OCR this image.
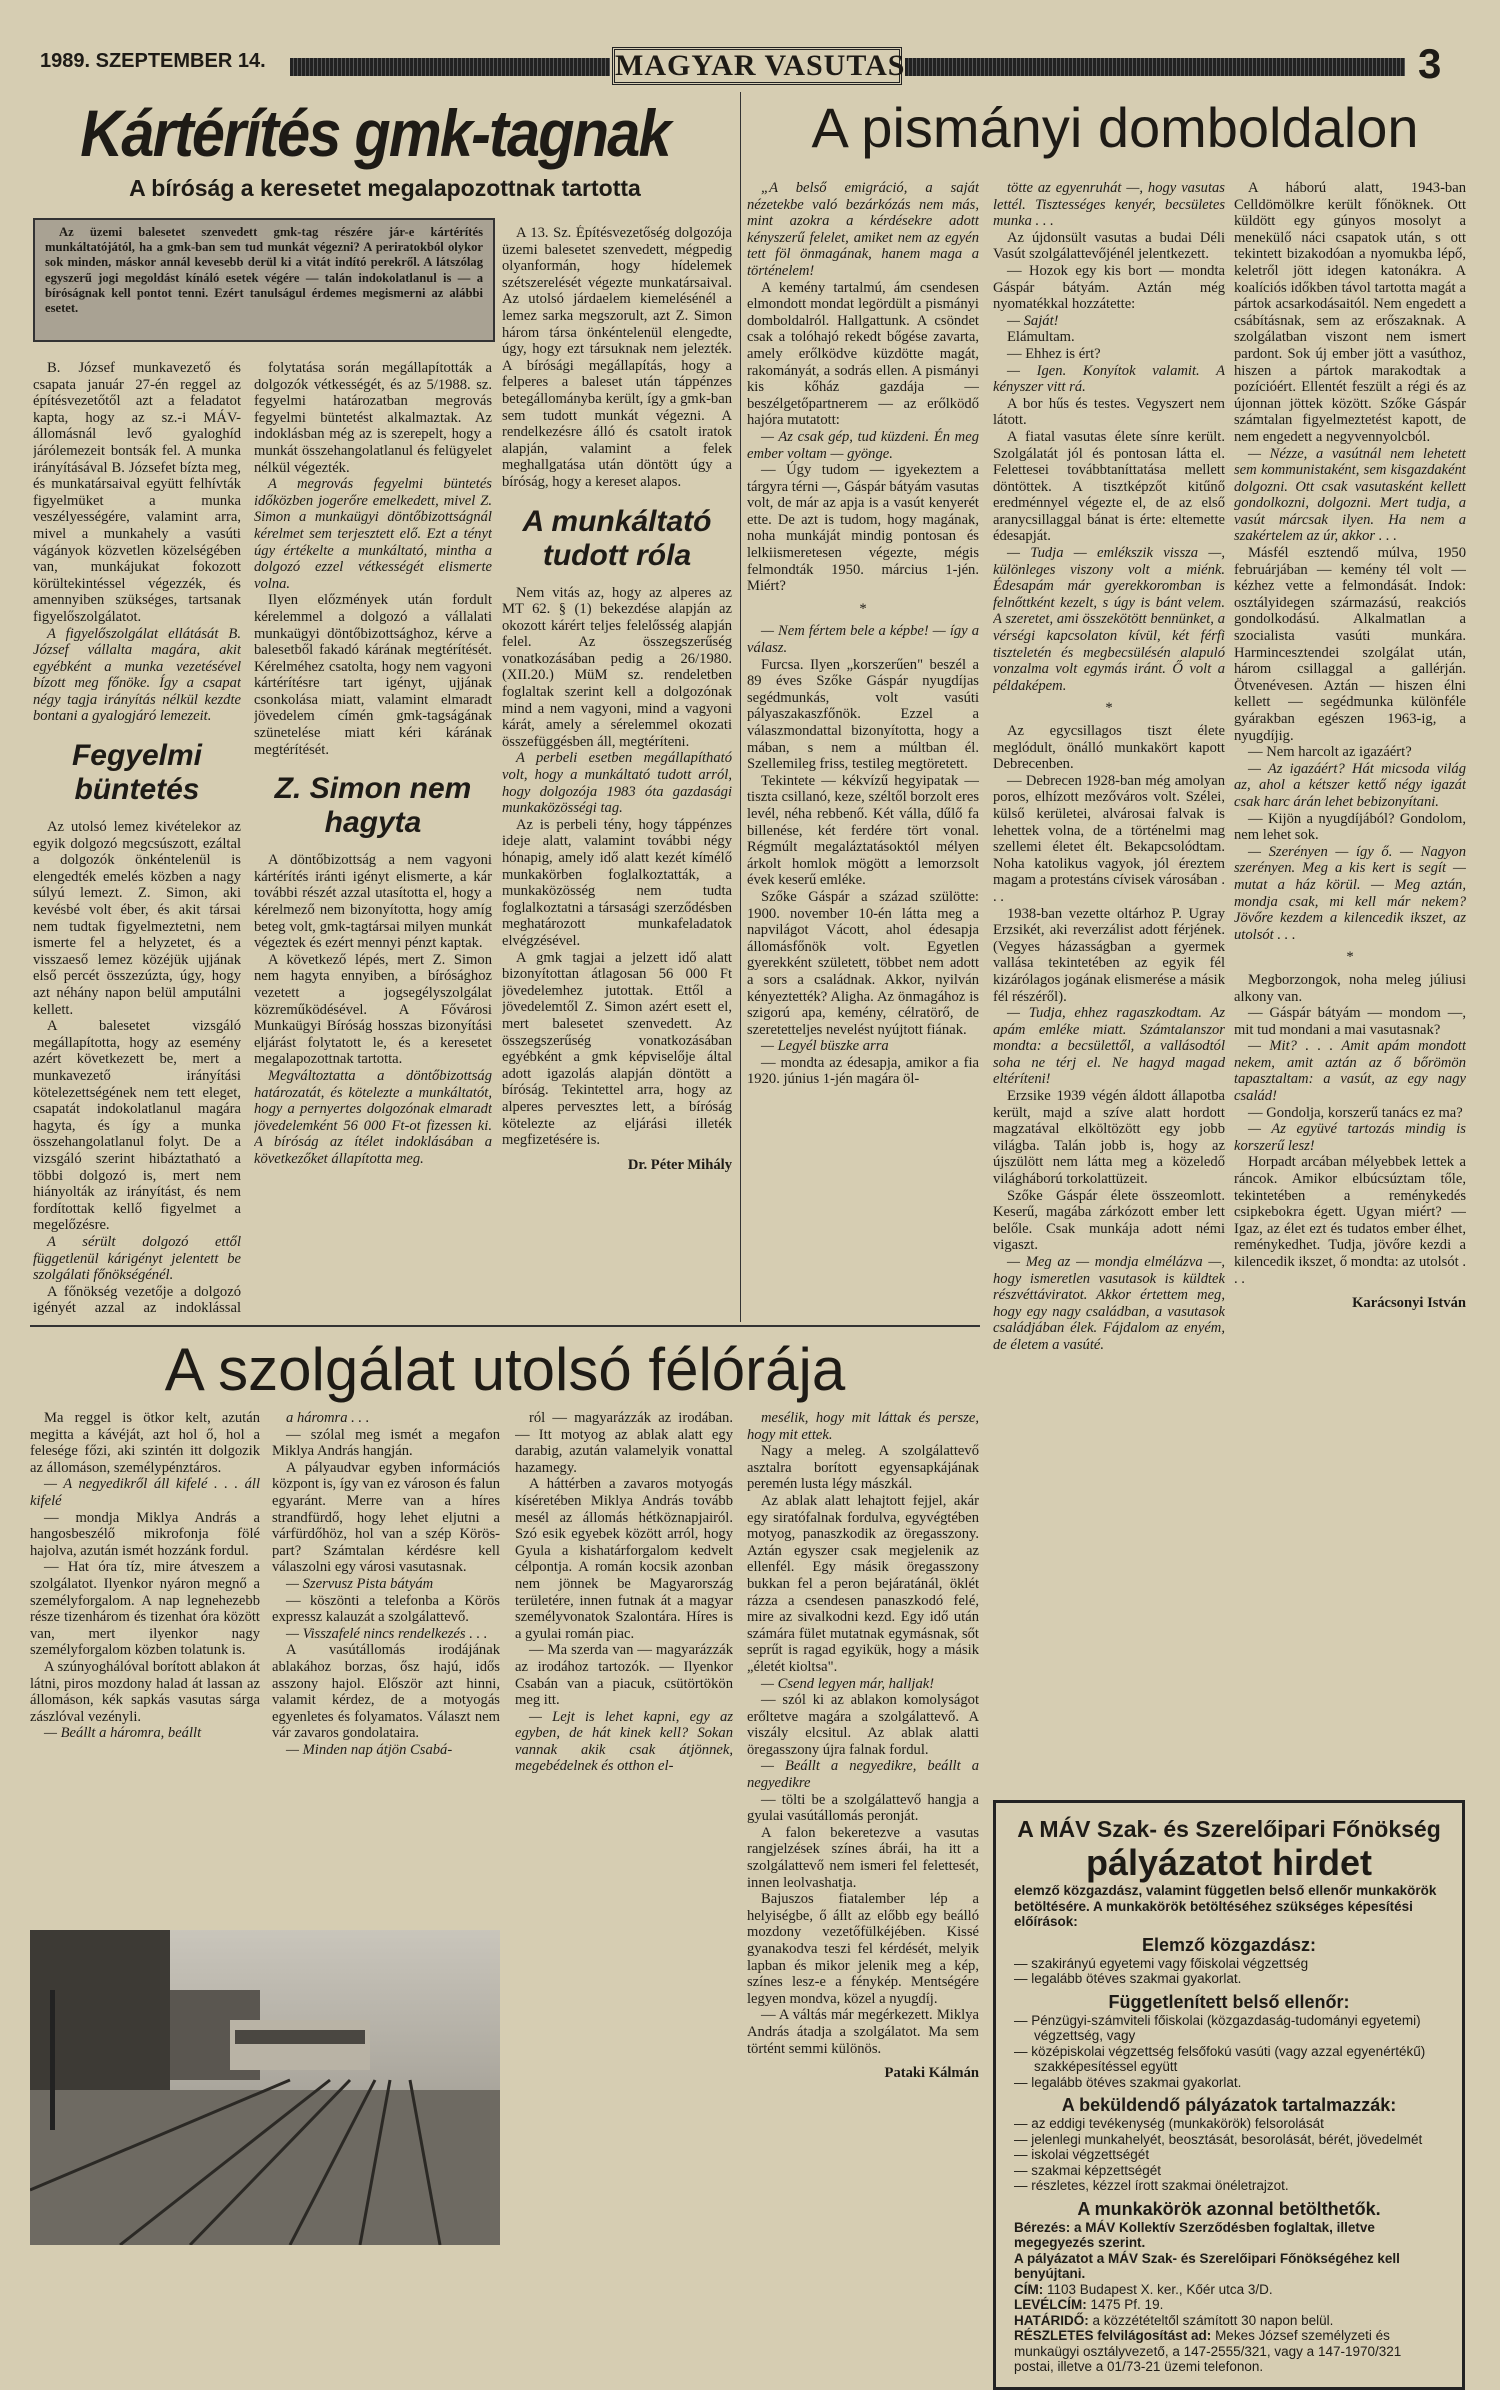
1989. SZEPTEMBER 14.	MAGYAR VASUTAS	3
Kártérítés gmk-tagnak
A bíróság a keresetet megalapozottnak tartotta
Az üzemi balesetet szenvedett gmk-tag részére jár-e kártérítés munkáltatójától, ha a gmk-ban sem tud munkát végezni? A periratokból olykor sok minden, máskor annál kevesebb derül ki a vitát indító perekről. A látszólag egyszerű jogi megoldást kínáló esetek végére — talán indokolatlanul is — a bíróságnak kell pontot tenni. Ezért tanulságul érdemes megismerni az alábbi esetet.

B. József munkavezető és csapata január 27-én reggel az építésvezetőtől azt a feladatot kapta, hogy az sz.-i MÁV-állomásnál levő gyaloghíd járólemezeit bontsák fel. A munka irányításával B. Józsefet bízta meg, és munkatársaival együtt felhívták figyelmüket a munka veszélyességére, valamint arra, mivel a munkahely a vasúti vágányok közvetlen közelségében van, munkájukat fokozott körültekintéssel végezzék, és amennyiben szükséges, tartsanak figyelőszolgálatot.

A figyelőszolgálat ellátását B. József vállalta magára, akit egyébként a munka vezetésével bízott meg főnöke. Így a csapat négy tagja irányítás nélkül kezdte bontani a gyalogjáró lemezeit.

Fegyelmi büntetés

Az utolsó lemez kivételekor az egyik dolgozó megcsúszott, ezáltal a dolgozók önkéntelenül is elengedték emelés közben a nagy súlyú lemezt. Z. Simon, aki kevésbé volt éber, és akit társai nem tudtak figyelmeztetni, nem ismerte fel a helyzetet, és a visszaeső lemez közéjük ujjának első percét összezúzta, úgy, hogy azt néhány napon belül amputálni kellett.

A balesetet vizsgáló megállapította, hogy az esemény azért következett be, mert a munkavezető irányítási kötelezettségének nem tett eleget, csapatát indokolatlanul magára hagyta, és így a munka összehangolatlanul folyt. De a vizsgáló szerint hibáztatható a többi dolgozó is, mert nem hiányolták az irányítást, és nem fordítottak kellő figyelmet a megelőzésre.

A sérült dolgozó ettől függetlenül kárigényt jelentett be szolgálati főnökségénél.

A főnökség vezetője a dolgozó igényét azzal az indoklással

folytatása során megállapították a dolgozók vétkességét, és az 5/1988. sz. fegyelmi határozatban megrovás fegyelmi büntetést alkalmaztak. Az indoklásban még az is szerepelt, hogy a munkát összehangolatlanul és felügyelet nélkül végezték.

A megrovás fegyelmi büntetés időközben jogerőre emelkedett, mivel Z. Simon a munkaügyi döntőbizottságnál kérelmet sem terjesztett elő. Ezt a tényt úgy értékelte a munkáltató, mintha a dolgozó ezzel vétkességét elismerte volna.

Ilyen előzmények után fordult kérelemmel a dolgozó a vállalati munkaügyi döntőbizottsághoz, kérve a balesetből fakadó kárának megtérítését. Kérelméhez csatolta, hogy nem vagyoni kártérítésre tart igényt, ujjának csonkolása miatt, valamint elmaradt jövedelem címén gmk-tagságának szünetelése miatt kéri kárának megtérítését.

Z. Simon nem hagyta

A döntőbizottság a nem vagyoni kártérítés iránti igényt elismerte, a kár további részét azzal utasította el, hogy a kérelmező nem bizonyította, hogy amíg beteg volt, gmk-tagtársai milyen munkát végeztek és ezért mennyi pénzt kaptak.

A következő lépés, mert Z. Simon nem hagyta ennyiben, a bírósághoz vezetett a jogsegélyszolgálat közreműködésével. A Fővárosi Munkaügyi Bíróság hosszas bizonyítási eljárást folytatott le, és a keresetet megalapozottnak tartotta.

Megváltoztatta a döntőbizottság határozatát, és kötelezte a munkáltatót, hogy a pernyertes dolgozónak elmaradt jövedelemként 56 000 Ft-ot fizessen ki. A bíróság az ítélet indoklásában a következőket állapította meg.

A 13. Sz. Építésvezetőség dolgozója üzemi balesetet szenvedett, mégpedig olyanformán, hogy hídelemek szétszerelését végezte munkatársaival. Az utolsó járdaelem kiemelésénél a lemez sarka megszorult, azt Z. Simon három társa önkéntelenül elengedte, úgy, hogy ezt társuknak nem jelezték. A bírósági megállapítás, hogy a felperes a baleset után táppénzes betegállományba került, így a gmk-ban sem tudott munkát végezni. A rendelkezésre álló és csatolt iratok alapján, valamint a felek meghallgatása után döntött úgy a bíróság, hogy a kereset alapos.

A munkáltató tudott róla

Nem vitás az, hogy az alperes az MT 62. § (1) bekezdése alapján az okozott kárért teljes felelősség alapján felel. Az összegszerűség vonatkozásában pedig a 26/1980. (XII.20.) MüM sz. rendeletben foglaltak szerint kell a dolgozónak mind a nem vagyoni, mind a vagyoni kárát, amely a sérelemmel okozati összefüggésben áll, megtéríteni.

A perbeli esetben megállapítható volt, hogy a munkáltató tudott arról, hogy dolgozója 1983 óta gazdasági munkaközösségi tag.

Az is perbeli tény, hogy táppénzes ideje alatt, valamint további négy hónapig, amely idő alatt kezét kímélő munkakörben foglalkoztatták, a munkaközösség nem tudta foglalkoztatni a társasági szerződésben meghatározott munkafeladatok elvégzésével.

A gmk tagjai a jelzett idő alatt bizonyítottan átlagosan 56 000 Ft jövedelemhez jutottak. Ettől a jövedelemtől Z. Simon azért esett el, mert balesetet szenvedett. Az összegszerűség vonatkozásában egyébként a gmk képviselője által adott igazolás alapján döntött a bíróság. Tekintettel arra, hogy az alperes pervesztes lett, a bíróság kötelezte az eljárási illeték megfizetésére is.

Dr. Péter Mihály

A pismányi domboldalon

„A belső emigráció, a saját nézetekbe való bezárkózás nem más, mint azokra a kérdésekre adott kényszerű felelet, amiket nem az egyén tett föl önmagának, hanem maga a történelem!

A kemény tartalmú, ám csendesen elmondott mondat legördült a pismányi domboldalról. Hallgattunk. A csöndet csak a tolóhajó rekedt bőgése zavarta, amely erőlködve küzdötte magát, rakományát, a sodrás ellen. A pismányi kis kőház gazdája — beszélgetőpartnerem — az erőlködő hajóra mutatott:

— Az csak gép, tud küzdeni. Én meg ember voltam — gyönge.

— Úgy tudom — igyekeztem a tárgyra térni —, Gáspár bátyám vasutas volt, de már az apja is a vasút kenyerét ette. De azt is tudom, hogy magának, noha munkáját mindig pontosan és lelkiismeretesen végezte, mégis felmondták 1950. március 1-jén. Miért?

*

— Nem fértem bele a képbe! — így a válasz.

Furcsa. Ilyen „korszerűen" beszél a 89 éves Szőke Gáspár nyugdíjas segédmunkás, volt vasúti pályaszakaszfőnök. Ezzel a válaszmondattal bizonyította, hogy a mában, s nem a múltban él. Szellemileg friss, testileg megtöretett.

Tekintete — kékvízű hegyipatak — tiszta csillanó, keze, széltől borzolt eres levél, néha rebbenő. Két válla, dűlő fa billenése, két ferdére tört vonal. Régmúlt megaláztatásoktól mélyen árkolt homlok mögött a lemorzsolt évek keserű emléke.

Szőke Gáspár a század szülötte: 1900. november 10-én látta meg a napvilágot Vácott, ahol édesapja állomásfőnök volt. Egyetlen gyerekként született, többet nem adott a sors a családnak. Akkor, nyilván kényeztették? Aligha. Az önmagához is szigorú apa, kemény, célratörő, de szeretetteljes nevelést nyújtott fiának.

— Legyél büszke arra

— mondta az édesapja, amikor a fia 1920. június 1-jén magára öl-

tötte az egyenruhát —, hogy vasutas lettél. Tisztességes kenyér, becsületes munka . . .

Az újdonsült vasutas a budai Déli Vasút szolgálattevőjénél jelentkezett.

— Hozok egy kis bort — mondta Gáspár bátyám. Aztán még nyomatékkal hozzátette:

— Saját!

Elámultam.

— Ehhez is ért?

— Igen. Konyítok valamit. A kényszer vitt rá.

A bor hűs és testes. Vegyszert nem látott.

A fiatal vasutas élete sínre került. Szolgálatát jól és pontosan látta el. Felettesei továbbtaníttatása mellett döntöttek. A tisztképzőt kitűnő eredménnyel végezte el, de az első aranycsillaggal bánat is érte: eltemette édesapját.

— Tudja — emlékszik vissza —, különleges viszony volt a miénk. Édesapám már gyerekkoromban is felnőttként kezelt, s úgy is bánt velem. A szeretet, ami összekötött bennünket, a vérségi kapcsolaton kívül, két férfi tiszteletén és megbecsülésén alapuló vonzalma volt egymás iránt. Ő volt a példaképem.

*

Az egycsillagos tiszt élete meglódult, önálló munkakört kapott Debrecenben.

— Debrecen 1928-ban még amolyan poros, elhízott mezőváros volt. Szélei, külső kerületei, alvárosai falvak is lehettek volna, de a történelmi mag szellemi életet élt. Bekapcsolódtam. Noha katolikus vagyok, jól éreztem magam a protestáns cívisek városában . . .

1938-ban vezette oltárhoz P. Ugray Erzsikét, aki reverzálist adott férjének. (Vegyes házasságban a gyermek vallása tekintetében az egyik fél kizárólagos jogának elismerése a másik fél részéről).

— Tudja, ehhez ragaszkodtam. Az apám emléke miatt. Számtalanszor mondta: a becsülettől, a vallásodtól soha ne térj el. Ne hagyd magad eltéríteni!

Erzsike 1939 végén áldott állapotba került, majd a szíve alatt hordott magzatával elköltözött egy jobb világba. Talán jobb is, hogy az újszülött nem látta meg a közeledő világháború torkolattüzeit.

Szőke Gáspár élete összeomlott. Keserű, magába zárkózott ember lett belőle. Csak munkája adott némi vigaszt.

— Meg az — mondja elmélázva —, hogy ismeretlen vasutasok is küldtek részvéttáviratot. Akkor értettem meg, hogy egy nagy családban, a vasutasok családjában élek. Fájdalom az enyém, de életem a vasúté.

A háború alatt, 1943-ban Celldömölkre került főnöknek. Ott küldött egy gúnyos mosolyt a menekülő náci csapatok után, s ott tekintett bizakodóan a nyomukba lépő, keletről jött idegen katonákra. A koalíciós időkben távol tartotta magát a pártok acsarkodásaitól. Nem engedett a csábításnak, sem az erőszaknak. A szolgálatban viszont nem ismert pardont. Sok új ember jött a vasúthoz, hiszen a pártok marakodtak a pozícióért. Ellentét feszült a régi és az újonnan jöttek között. Szőke Gáspár számtalan figyelmeztetést kapott, de nem engedett a negyvennyolcból.

— Nézze, a vasútnál nem lehetett sem kommunistaként, sem kisgazdaként dolgozni. Ott csak vasutasként kellett gondolkozni, dolgozni. Mert tudja, a vasút márcsak ilyen. Ha nem a szakértelem az úr, akkor . . .

Másfél esztendő múlva, 1950 februárjában — kemény tél volt — kézhez vette a felmondását. Indok: osztályidegen származású, reakciós gondolkodású. Alkalmatlan a szocialista vasúti munkára. Harmincesztendei szolgálat után, három csillaggal a gallérján. Ötvenévesen. Aztán — hiszen élni kellett — segédmunka különféle gyárakban egészen 1963-ig, a nyugdíjig.

— Nem harcolt az igazáért?

— Az igazáért? Hát micsoda világ az, ahol a kétszer kettő négy igazát csak harc árán lehet bebizonyítani.

— Kijön a nyugdíjából? Gondolom, nem lehet sok.

— Szerényen — így ő. — Nagyon szerényen. Meg a kis kert is segít — mutat a ház körül. — Meg aztán, mondja csak, mi kell már nekem? Jövőre kezdem a kilencedik ikszet, az utolsót . . .

*

Megborzongok, noha meleg júliusi alkony van.

— Gáspár bátyám — mondom —, mit tud mondani a mai vasutasnak?

— Mit? . . . Amit apám mondott nekem, amit aztán az ő bőrömön tapasztaltam: a vasút, az egy nagy család!

— Gondolja, korszerű tanács ez ma?

— Az együvé tartozás mindig is korszerű lesz!

Horpadt arcában mélyebbek lettek a ráncok. Amikor elbúcsúztam tőle, tekintetében a reménykedés csipkebokra égett. Ugyan miért? — Igaz, az élet ezt és tudatos ember élhet, reménykedhet. Tudja, jövőre kezdi a kilencedik ikszet, ő mondta: az utolsót . . .

Karácsonyi István

A szolgálat utolsó félórája

Ma reggel is ötkor kelt, azután megitta a kávéját, azt hol ő, hol a felesége főzi, aki szintén itt dolgozik az állomáson, személypénztáros.

— A negyedikről áll kifelé . . . áll kifelé

— mondja Miklya András a hangosbeszélő mikrofonja fölé hajolva, azután ismét hozzánk fordul.

— Hat óra tíz, mire átveszem a szolgálatot. Ilyenkor nyáron megnő a személyforgalom. A nap legnehezebb része tizenhárom és tizenhat óra között van, mert ilyenkor nagy személyforgalom közben tolatunk is.

A szúnyoghálóval borított ablakon át látni, piros mozdony halad át lassan az állomáson, kék sapkás vasutas sárga zászlóval vezényli.

— Beállt a háromra, beállt

a háromra . . .

— szólal meg ismét a megafon Miklya András hangján.

A pályaudvar egyben információs központ is, így van ez városon és falun egyaránt. Merre van a híres strandfürdő, hogy lehet eljutni a várfürdőhöz, hol van a szép Körös-part? Számtalan kérdésre kell válaszolni egy városi vasutasnak.

— Szervusz Pista bátyám

— köszönti a telefonba a Körös expressz kalauzát a szolgálattevő.

— Visszafelé nincs rendelkezés . . .

A vasútállomás irodájának ablakához borzas, ősz hajú, idős asszony hajol. Először azt hinni, valamit kérdez, de a motyogás egyenletes és folyamatos. Választ nem vár zavaros gondolataira.

— Minden nap átjön Csabá-

ról — magyarázzák az irodában. — Itt motyog az ablak alatt egy darabig, azután valamelyik vonattal hazamegy.

A háttérben a zavaros motyogás kíséretében Miklya András tovább mesél az állomás hétköznapjairól. Szó esik egyebek között arról, hogy Gyula a kishatárforgalom kedvelt célpontja. A román kocsik azonban nem jönnek be Magyarország területére, innen futnak át a magyar személyvonatok Szalontára. Híres is a gyulai román piac.

— Ma szerda van — magyarázzák az irodához tartozók. — Ilyenkor Csabán van a piacuk, csütörtökön meg itt.

— Lejt is lehet kapni, egy az egyben, de hát kinek kell? Sokan vannak akik csak átjönnek, megebédelnek és otthon el-

mesélik, hogy mit láttak és persze, hogy mit ettek.

Nagy a meleg. A szolgálattevő asztalra borított egyensapkájának peremén lusta légy mászkál.

Az ablak alatt lehajtott fejjel, akár egy siratófalnak fordulva, egyvégtében motyog, panaszkodik az öregasszony. Aztán egyszer csak megjelenik az ellenfél. Egy másik öregasszony bukkan fel a peron bejáratánál, öklét rázza a csendesen panaszkodó felé, mire az sivalkodni kezd. Egy idő után számára fület mutatnak egymásnak, sőt seprűt is ragad egyikük, hogy a másik „életét kioltsa".

— Csend legyen már, halljak!

— szól ki az ablakon komolyságot erőltetve magára a szolgálattevő. A viszály elcsitul. Az ablak alatti öregasszony újra falnak fordul.

— Beállt a negyedikre, beállt a negyedikre

— tölti be a szolgálattevő hangja a gyulai vasútállomás peronját.

A falon bekeretezve a vasutas rangjelzések színes ábrái, ha itt a szolgálattevő nem ismeri fel felettesét, innen leolvashatja.

Bajuszos fiatalember lép a helyiségbe, ő állt az előbb egy beálló mozdony vezetőfülkéjében. Kissé gyanakodva teszi fel kérdését, melyik lapban és mikor jelenik meg a kép, színes lesz-e a fénykép. Mentségére legyen mondva, közel a nyugdíj.

— A váltás már megérkezett. Miklya András átadja a szolgálatot. Ma sem történt semmi különös.

Pataki Kálmán

A MÁV Szak- és Szerelőipari Főnökség
pályázatot hirdet
elemző közgazdász, valamint független belső ellenőr munkakörök betöltésére. A munkakörök betöltéséhez szükséges képesítési előírások:
Elemző közgazdász:
— szakirányú egyetemi vagy főiskolai végzettség
— legalább ötéves szakmai gyakorlat.
Függetlenített belső ellenőr:
— Pénzügyi-számviteli főiskolai (közgazdaság-tudományi egyetemi) végzettség, vagy
— középiskolai végzettség felsőfokú vasúti (vagy azzal egyenértékű) szakképesítéssel együtt
— legalább ötéves szakmai gyakorlat.
A beküldendő pályázatok tartalmazzák:
— az eddigi tevékenység (munkakörök) felsorolását
— jelenlegi munkahelyét, beosztását, besorolását, bérét, jövedelmét
— iskolai végzettségét
— szakmai képzettségét
— részletes, kézzel írott szakmai önéletrajzot.
A munkakörök azonnal betölthetők.
Bérezés: a MÁV Kollektív Szerződésben foglaltak, illetve megegyezés szerint.
A pályázatot a MÁV Szak- és Szerelőipari Főnökségéhez kell benyújtani.
CÍM: 1103 Budapest X. ker., Kőér utca 3/D.
LEVÉLCÍM: 1475 Pf. 19.
HATÁRIDŐ: a közzétételtől számított 30 napon belül.
RÉSZLETES felvilágosítást ad: Mekes József személyzeti és munkaügyi osztályvezető, a 147-2555/321, vagy a 147-1970/321 postai, illetve a 01/73-21 üzemi telefonon.
